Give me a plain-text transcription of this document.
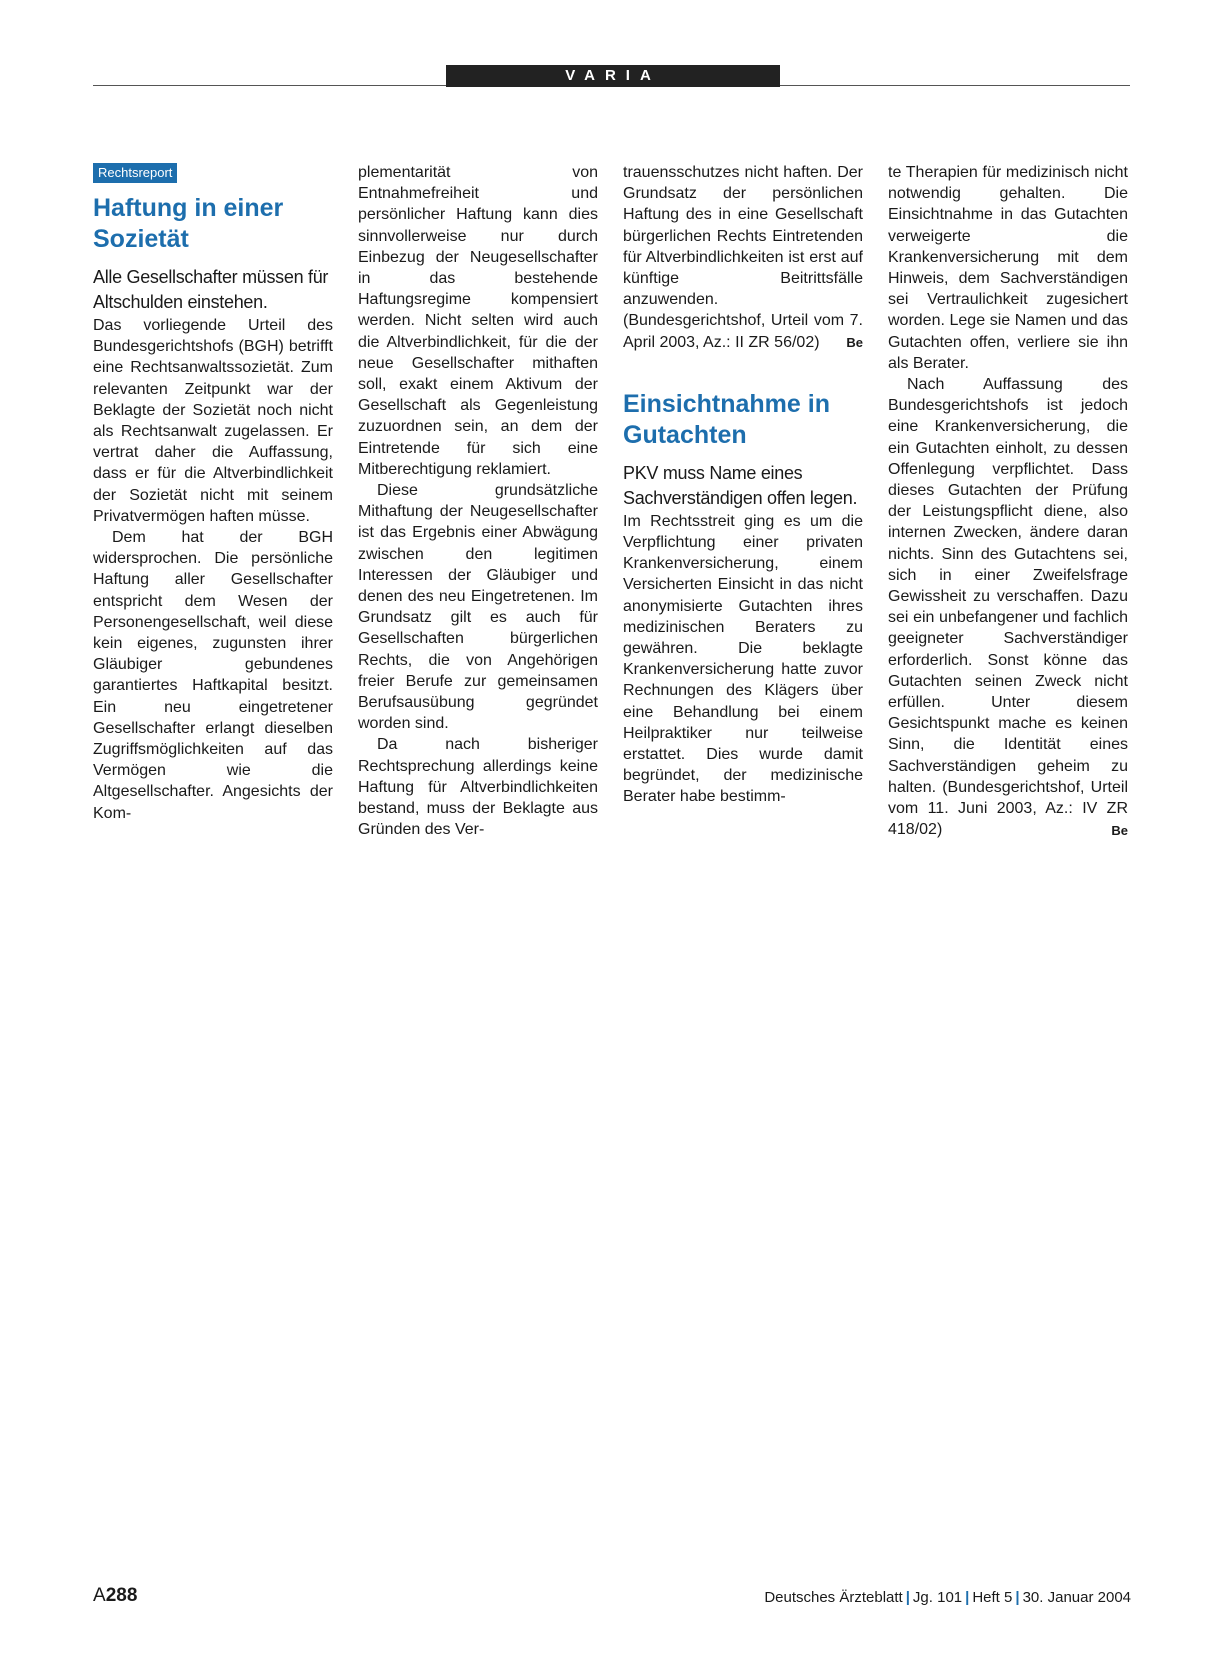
VARIA
Rechtsreport
Haftung in einer Sozietät

Alle Gesellschafter müssen für Altschulden einstehen.

Das vorliegende Urteil des Bundesgerichtshofs (BGH) betrifft eine Rechtsanwaltssozietät. Zum relevanten Zeitpunkt war der Beklagte der Sozietät noch nicht als Rechtsanwalt zugelassen. Er vertrat daher die Auffassung, dass er für die Altverbindlichkeit der Sozietät nicht mit seinem Privatvermögen haften müsse.

Dem hat der BGH widersprochen. Die persönliche Haftung aller Gesellschafter entspricht dem Wesen der Personengesellschaft, weil diese kein eigenes, zugunsten ihrer Gläubiger gebundenes garantiertes Haftkapital besitzt. Ein neu eingetretener Gesellschafter erlangt dieselben Zugriffsmöglichkeiten auf das Vermögen wie die Altgesellschafter. Angesichts der Kom-

plementarität von Entnahmefreiheit und persönlicher Haftung kann dies sinnvollerweise nur durch Einbezug der Neugesellschafter in das bestehende Haftungsregime kompensiert werden. Nicht selten wird auch die Altverbindlichkeit, für die der neue Gesellschafter mithaften soll, exakt einem Aktivum der Gesellschaft als Gegenleistung zuzuordnen sein, an dem der Eintretende für sich eine Mitberechtigung reklamiert.

Diese grundsätzliche Mithaftung der Neugesellschafter ist das Ergebnis einer Abwägung zwischen den legitimen Interessen der Gläubiger und denen des neu Eingetretenen. Im Grundsatz gilt es auch für Gesellschaften bürgerlichen Rechts, die von Angehörigen freier Berufe zur gemeinsamen Berufsausübung gegründet worden sind.

Da nach bisheriger Rechtsprechung allerdings keine Haftung für Altverbindlichkeiten bestand, muss der Beklagte aus Gründen des Ver-

trauensschutzes nicht haften. Der Grundsatz der persönlichen Haftung des in eine Gesellschaft bürgerlichen Rechts Eintretenden für Altverbindlichkeiten ist erst auf künftige Beitrittsfälle anzuwenden. (Bundesgerichtshof, Urteil vom 7. April 2003, Az.: II ZR 56/02)	Be
Einsichtnahme in Gutachten

PKV muss Name eines Sachverständigen offen legen.

Im Rechtsstreit ging es um die Verpflichtung einer privaten Krankenversicherung, einem Versicherten Einsicht in das nicht anonymisierte Gutachten ihres medizinischen Beraters zu gewähren. Die beklagte Krankenversicherung hatte zuvor Rechnungen des Klägers über eine Behandlung bei einem Heilpraktiker nur teilweise erstattet. Dies wurde damit begründet, der medizinische Berater habe bestimm-

te Therapien für medizinisch nicht notwendig gehalten. Die Einsichtnahme in das Gutachten verweigerte die Krankenversicherung mit dem Hinweis, dem Sachverständigen sei Vertraulichkeit zugesichert worden. Lege sie Namen und das Gutachten offen, verliere sie ihn als Berater.

Nach Auffassung des Bundesgerichtshofs ist jedoch eine Krankenversicherung, die ein Gutachten einholt, zu dessen Offenlegung verpflichtet. Dass dieses Gutachten der Prüfung der Leistungspflicht diene, also internen Zwecken, ändere daran nichts. Sinn des Gutachtens sei, sich in einer Zweifelsfrage Gewissheit zu verschaffen. Dazu sei ein unbefangener und fachlich geeigneter Sachverständiger erforderlich. Sonst könne das Gutachten seinen Zweck nicht erfüllen. Unter diesem Gesichtspunkt mache es keinen Sinn, die Identität eines Sachverständigen geheim zu halten. (Bundesgerichtshof, Urteil vom 11. Juni 2003, Az.: IV ZR 418/02)	Be
A288	Deutsches Ärzteblatt | Jg. 101 | Heft 5 | 30. Januar 2004
